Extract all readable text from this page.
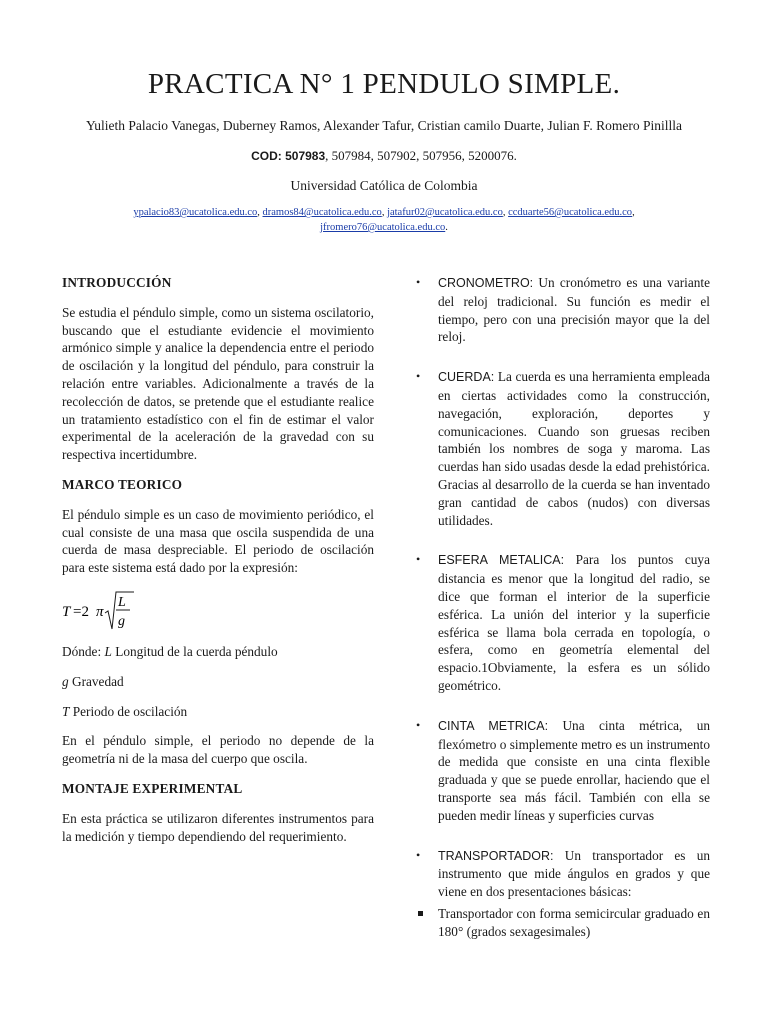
PRACTICA N° 1 PENDULO SIMPLE.
Yulieth Palacio Vanegas, Duberney Ramos, Alexander Tafur, Cristian camilo Duarte, Julian F. Romero Pinillla
COD: 507983, 507984, 507902, 507956, 5200076.
Universidad Católica de Colombia
ypalacio83@ucatolica.edu.co, dramos84@ucatolica.edu.co, jatafur02@ucatolica.edu.co, ccduarte56@ucatolica.edu.co,
jfromero76@ucatolica.edu.co.
INTRODUCCIÓN

Se estudia el péndulo simple, como un sistema oscilatorio, buscando que el estudiante evidencie el movimiento armónico simple y analice la dependencia entre el periodo de oscilación y la longitud del péndulo, para construir la relación entre variables. Adicionalmente a través de la recolección de datos, se pretende que el estudiante realice un tratamiento estadístico con el fin de estimar el valor experimental de la aceleración de la gravedad con su respectiva incertidumbre.

MARCO TEORICO

El péndulo simple es un caso de movimiento periódico, el cual consiste de una masa que oscila suspendida de una cuerda de masa despreciable. El periodo de oscilación para este sistema está dado por la expresión:

T =2 π
L
g

Dónde: L Longitud de la cuerda péndulo

g Gravedad

T Periodo de oscilación

En el péndulo simple, el periodo no depende de la geometría ni de la masa del cuerpo que oscila.

MONTAJE EXPERIMENTAL

En esta práctica se utilizaron diferentes instrumentos para la medición y tiempo dependiendo del requerimiento.

• CRONOMETRO: Un cronómetro es una variante del reloj tradicional. Su función es medir el tiempo, pero con una precisión mayor que la del reloj.
• CUERDA: La cuerda es una herramienta empleada en ciertas actividades como la construcción, navegación, exploración, deportes y comunicaciones. Cuando son gruesas reciben también los nombres de soga y maroma. Las cuerdas han sido usadas desde la edad prehistórica. Gracias al desarrollo de la cuerda se han inventado gran cantidad de cabos (nudos) con diversas utilidades.
• ESFERA METALICA: Para los puntos cuya distancia es menor que la longitud del radio, se dice que forman el interior de la superficie esférica. La unión del interior y la superficie esférica se llama bola cerrada en topología, o esfera, como en geometría elemental del espacio.1Obviamente, la esfera es un sólido geométrico.
• CINTA METRICA: Una cinta métrica, un flexómetro o simplemente metro es un instrumento de medida que consiste en una cinta flexible graduada y que se puede enrollar, haciendo que el transporte sea más fácil. También con ella se pueden medir líneas y superficies curvas
• TRANSPORTADOR: Un transportador es un instrumento que mide ángulos en grados y que viene en dos presentaciones básicas:
Transportador con forma semicircular graduado en 180° (grados sexagesimales)
